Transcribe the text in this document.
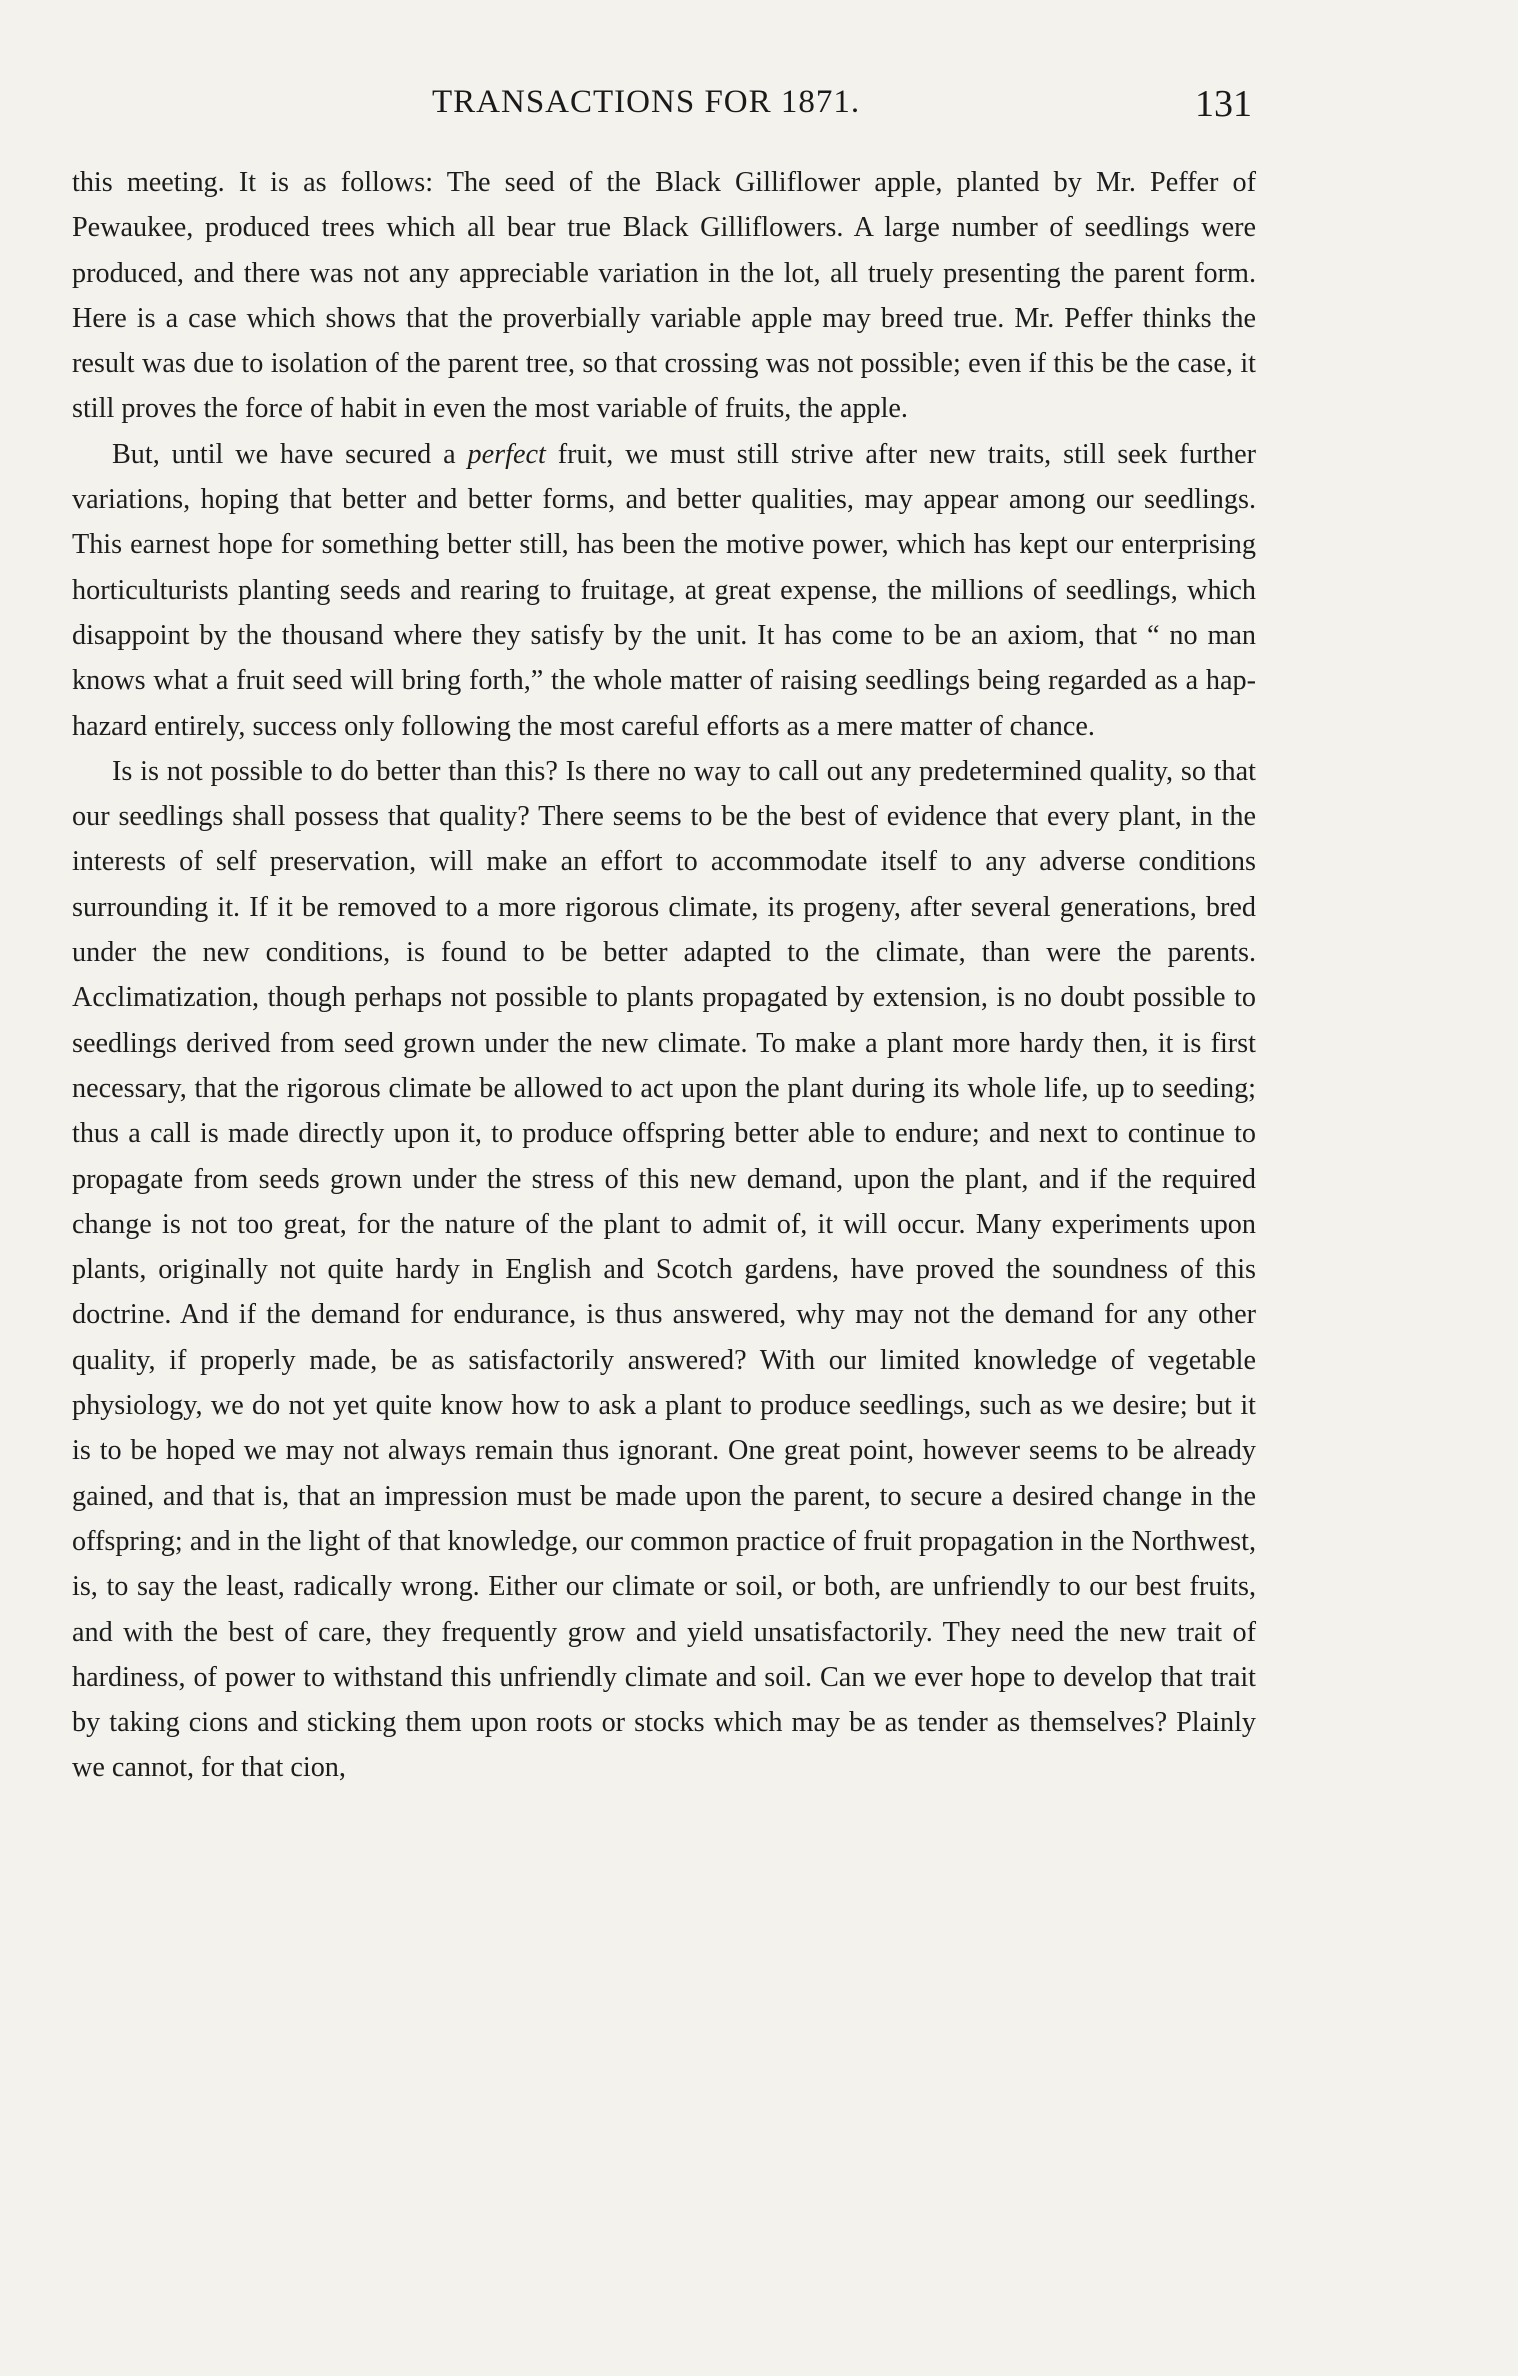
TRANSACTIONS FOR 1871.	131

this meeting. It is as follows: The seed of the Black Gilliflower apple, planted by Mr. Peffer of Pewaukee, produced trees which all bear true Black Gilliflowers. A large number of seedlings were produced, and there was not any appreciable variation in the lot, all truely presenting the parent form. Here is a case which shows that the proverbially variable apple may breed true. Mr. Peffer thinks the result was due to isolation of the parent tree, so that crossing was not possible; even if this be the case, it still proves the force of habit in even the most variable of fruits, the apple.

But, until we have secured a perfect fruit, we must still strive after new traits, still seek further variations, hoping that better and better forms, and better qualities, may appear among our seedlings. This earnest hope for something better still, has been the motive power, which has kept our enterprising horticulturists planting seeds and rearing to fruitage, at great expense, the millions of seedlings, which disappoint by the thousand where they satisfy by the unit. It has come to be an axiom, that “ no man knows what a fruit seed will bring forth,” the whole matter of raising seedlings being regarded as a hap-hazard entirely, success only following the most careful efforts as a mere matter of chance.

Is is not possible to do better than this? Is there no way to call out any predetermined quality, so that our seedlings shall possess that quality? There seems to be the best of evidence that every plant, in the interests of self preservation, will make an effort to accommodate itself to any adverse conditions surrounding it. If it be removed to a more rigorous climate, its progeny, after several generations, bred under the new conditions, is found to be better adapted to the climate, than were the parents. Acclimatization, though perhaps not possible to plants propagated by extension, is no doubt possible to seedlings derived from seed grown under the new climate. To make a plant more hardy then, it is first necessary, that the rigorous climate be allowed to act upon the plant during its whole life, up to seeding; thus a call is made directly upon it, to produce offspring better able to endure; and next to continue to propagate from seeds grown under the stress of this new demand, upon the plant, and if the required change is not too great, for the nature of the plant to admit of, it will occur. Many experiments upon plants, originally not quite hardy in English and Scotch gardens, have proved the soundness of this doctrine. And if the demand for endurance, is thus answered, why may not the demand for any other quality, if properly made, be as satisfactorily answered? With our limited knowledge of vegetable physiology, we do not yet quite know how to ask a plant to produce seedlings, such as we desire; but it is to be hoped we may not always remain thus ignorant. One great point, however seems to be already gained, and that is, that an impression must be made upon the parent, to secure a desired change in the offspring; and in the light of that knowledge, our common practice of fruit propagation in the Northwest, is, to say the least, radically wrong. Either our climate or soil, or both, are unfriendly to our best fruits, and with the best of care, they frequently grow and yield unsatisfactorily. They need the new trait of hardiness, of power to withstand this unfriendly climate and soil. Can we ever hope to develop that trait by taking cions and sticking them upon roots or stocks which may be as tender as themselves? Plainly we cannot, for that cion,
